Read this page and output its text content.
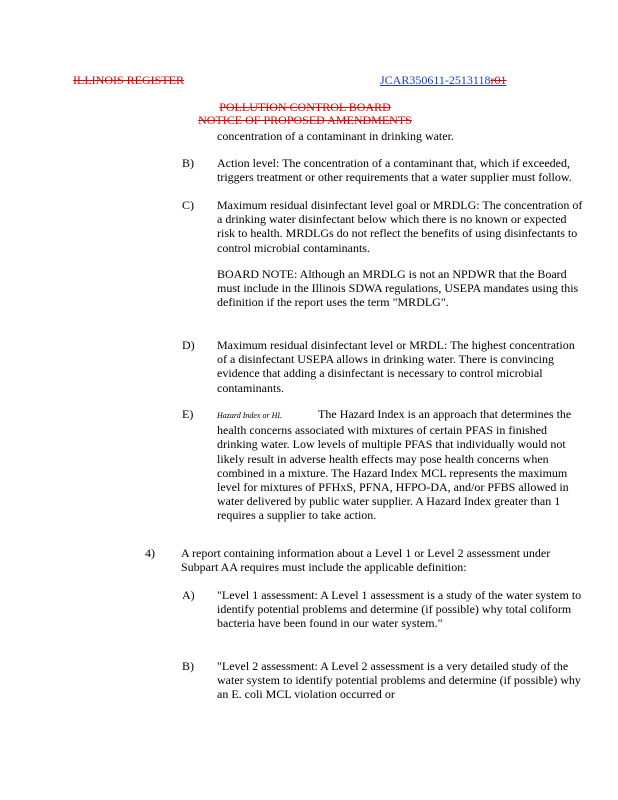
ILLINOIS REGISTER	JCAR350611-2513118r01
POLLUTION CONTROL BOARD
NOTICE OF PROPOSED AMENDMENTS
concentration of a contaminant in drinking water.
B) Action level: The concentration of a contaminant that, which if exceeded, triggers treatment or other requirements that a water supplier must follow.
C) Maximum residual disinfectant level goal or MRDLG: The concentration of a drinking water disinfectant below which there is no known or expected risk to health. MRDLGs do not reflect the benefits of using disinfectants to control microbial contaminants.
BOARD NOTE: Although an MRDLG is not an NPDWR that the Board must include in the Illinois SDWA regulations, USEPA mandates using this definition if the report uses the term "MRDLG".
D) Maximum residual disinfectant level or MRDL: The highest concentration of a disinfectant USEPA allows in drinking water. There is convincing evidence that adding a disinfectant is necessary to control microbial contaminants.
E)	Hazard Index or HI.	The Hazard Index is an approach that determines the health concerns associated with mixtures of certain PFAS in finished drinking water. Low levels of multiple PFAS that individually would not likely result in adverse health effects may pose health concerns when combined in a mixture. The Hazard Index MCL represents the maximum level for mixtures of PFHxS, PFNA, HFPO-DA, and/or PFBS allowed in water delivered by public water supplier. A Hazard Index greater than 1 requires a supplier to take action.
4) A report containing information about a Level 1 or Level 2 assessment under Subpart AA requires must include the applicable definition:
A) "Level 1 assessment: A Level 1 assessment is a study of the water system to identify potential problems and determine (if possible) why total coliform bacteria have been found in our water system."
B) "Level 2 assessment: A Level 2 assessment is a very detailed study of the water system to identify potential problems and determine (if possible) why an E. coli MCL violation occurred or
